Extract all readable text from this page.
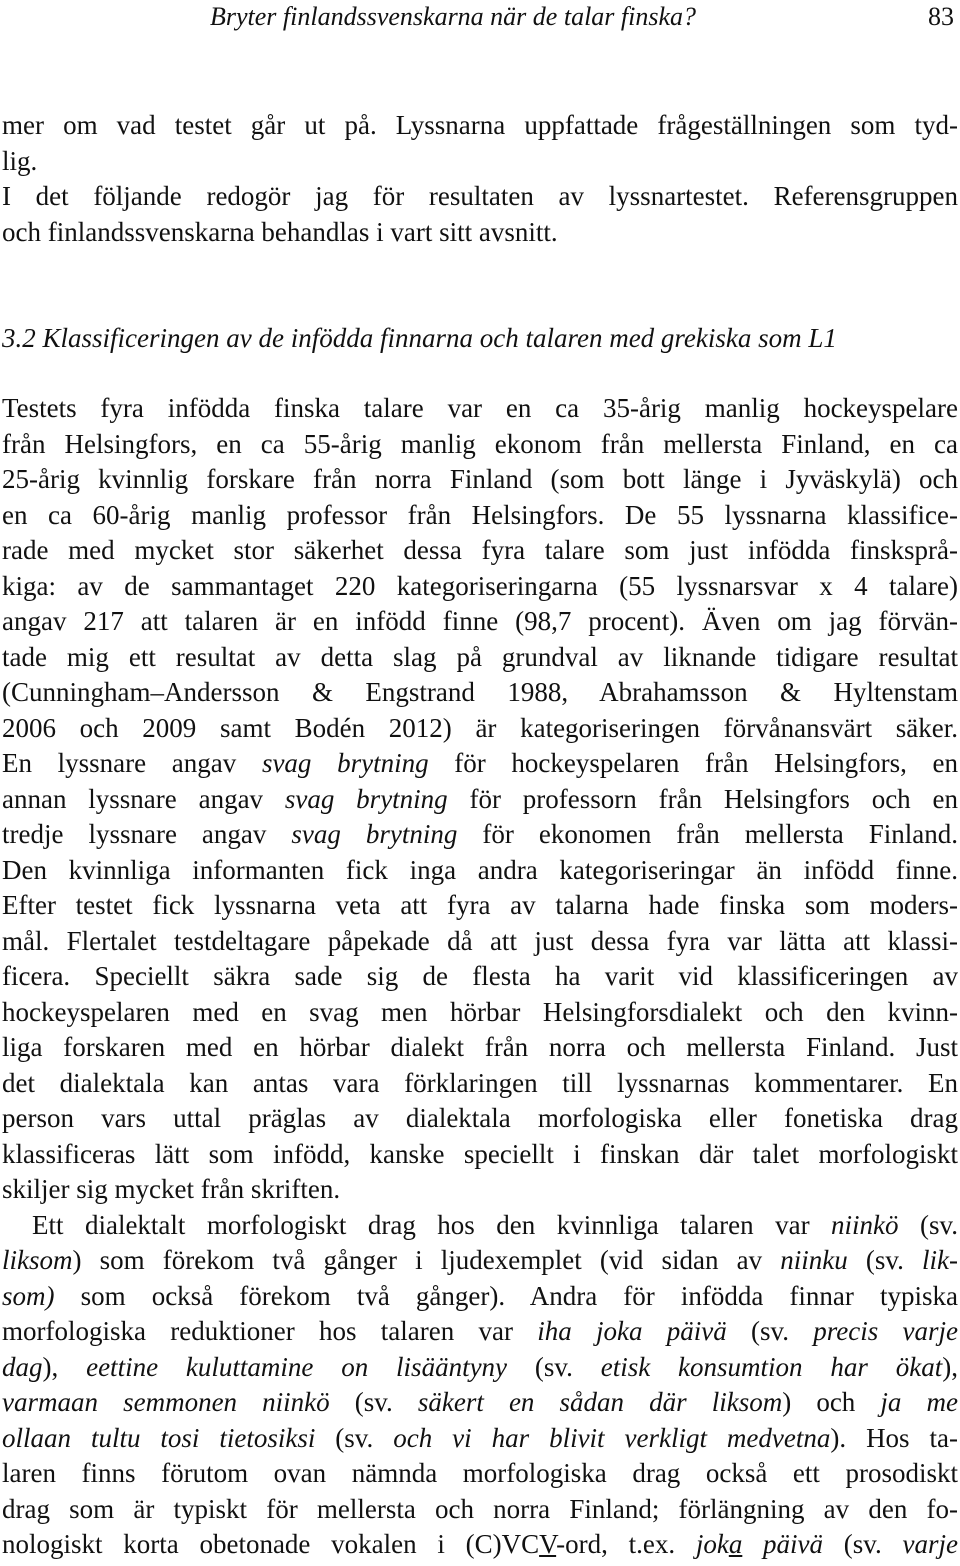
Bryter finlandssvenskarna när de talar finska?	83
mer om vad testet går ut på. Lyssnarna uppfattade frågeställningen som tyd-
lig.
I det följande redogör jag för resultaten av lyssnartestet. Referensgruppen
och finlandssvenskarna behandlas i vart sitt avsnitt.
3.2 Klassificeringen av de infödda finnarna och talaren med grekiska som L1
Testets fyra infödda finska talare var en ca 35-årig manlig hockeyspelare
från Helsingfors, en ca 55-årig manlig ekonom från mellersta Finland, en ca
25-årig kvinnlig forskare från norra Finland (som bott länge i Jyväskylä) och
en ca 60-årig manlig professor från Helsingfors. De 55 lyssnarna klassifice-
rade med mycket stor säkerhet dessa fyra talare som just infödda finsksprå-
kiga: av de sammantaget 220 kategoriseringarna (55 lyssnarsvar x 4 talare)
angav 217 att talaren är en infödd finne (98,7 procent). Även om jag förvän-
tade mig ett resultat av detta slag på grundval av liknande tidigare resultat
(Cunningham–Andersson & Engstrand 1988, Abrahamsson & Hyltenstam
2006 och 2009 samt Bodén 2012) är kategoriseringen förvånansvärt säker.
En lyssnare angav svag brytning för hockeyspelaren från Helsingfors, en
annan lyssnare angav svag brytning för professorn från Helsingfors och en
tredje lyssnare angav svag brytning för ekonomen från mellersta Finland.
Den kvinnliga informanten fick inga andra kategoriseringar än infödd finne.
Efter testet fick lyssnarna veta att fyra av talarna hade finska som moders-
mål. Flertalet testdeltagare påpekade då att just dessa fyra var lätta att klassi-
ficera. Speciellt säkra sade sig de flesta ha varit vid klassificeringen av
hockeyspelaren med en svag men hörbar Helsingforsdialekt och den kvinn-
liga forskaren med en hörbar dialekt från norra och mellersta Finland. Just
det dialektala kan antas vara förklaringen till lyssnarnas kommentarer. En
person vars uttal präglas av dialektala morfologiska eller fonetiska drag
klassificeras lätt som infödd, kanske speciellt i finskan där talet morfologiskt
skiljer sig mycket från skriften.
Ett dialektalt morfologiskt drag hos den kvinnliga talaren var niinkö (sv.
liksom) som förekom två gånger i ljudexemplet (vid sidan av niinku (sv. lik-
som) som också förekom två gånger). Andra för infödda finnar typiska
morfologiska reduktioner hos talaren var iha joka päivä (sv. precis varje
dag), eettine kuluttamine on lisääntyny (sv. etisk konsumtion har ökat),
varmaan semmonen niinkö (sv. säkert en sådan där liksom) och ja me
ollaan tultu tosi tietosiksi (sv. och vi har blivit verkligt medvetna). Hos ta-
laren finns förutom ovan nämnda morfologiska drag också ett prosodiskt
drag som är typiskt för mellersta och norra Finland; förlängning av den fo-
nologiskt korta obetonade vokalen i (C)VCV-ord, t.ex. joka päivä (sv. varje
